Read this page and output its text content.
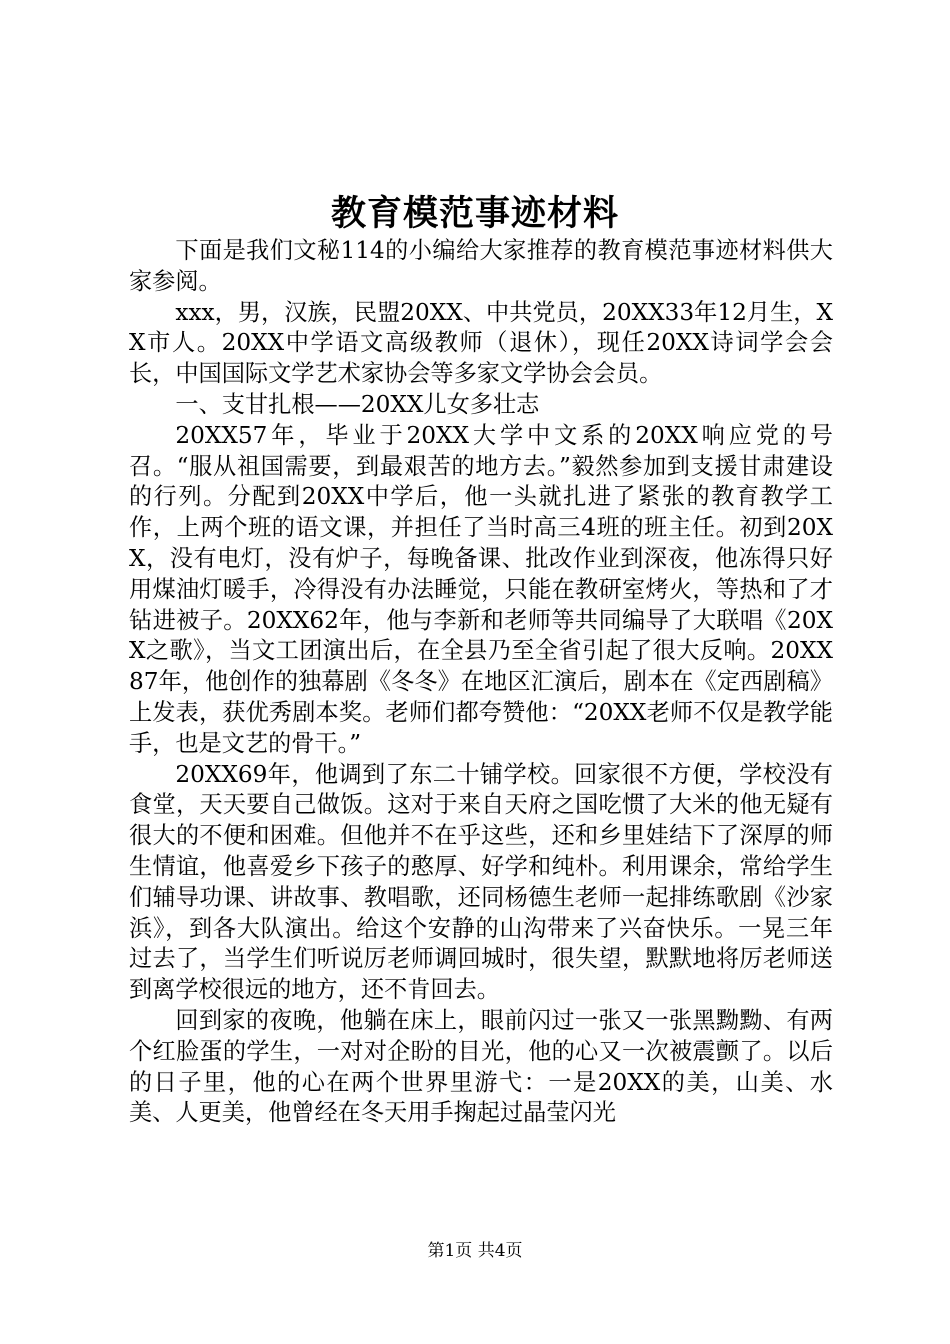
教育模范事迹材料

下面是我们文秘114的小编给大家推荐的教育模范事迹材料供大家参阅。

xxx，男，汉族，民盟20XX、中共党员，20XX33年12月生，XX市人。20XX中学语文高级教师（退休），现任20XX诗词学会会长，中国国际文学艺术家协会等多家文学协会会员。

一、支甘扎根——20XX儿女多壮志

20XX57年，毕业于20XX大学中文系的20XX响应党的号召。“服从祖国需要，到最艰苦的地方去。”毅然参加到支援甘肃建设的行列。分配到20XX中学后，他一头就扎进了紧张的教育教学工作，上两个班的语文课，并担任了当时高三4班的班主任。初到20XX，没有电灯，没有炉子，每晚备课、批改作业到深夜，他冻得只好用煤油灯暖手，冷得没有办法睡觉，只能在教研室烤火，等热和了才钻进被子。20XX62年，他与李新和老师等共同编导了大联唱《20XX之歌》，当文工团演出后，在全县乃至全省引起了很大反响。20XX87年，他创作的独幕剧《冬冬》在地区汇演后，剧本在《定西剧稿》上发表，获优秀剧本奖。老师们都夸赞他：“20XX老师不仅是教学能手，也是文艺的骨干。”

20XX69年，他调到了东二十铺学校。回家很不方便，学校没有食堂，天天要自己做饭。这对于来自天府之国吃惯了大米的他无疑有很大的不便和困难。但他并不在乎这些，还和乡里娃结下了深厚的师生情谊，他喜爱乡下孩子的憨厚、好学和纯朴。利用课余，常给学生们辅导功课、讲故事、教唱歌，还同杨德生老师一起排练歌剧《沙家浜》，到各大队演出。给这个安静的山沟带来了兴奋快乐。一晃三年过去了，当学生们听说厉老师调回城时，很失望，默默地将厉老师送到离学校很远的地方，还不肯回去。

回到家的夜晚，他躺在床上，眼前闪过一张又一张黑黝黝、有两个红脸蛋的学生，一对对企盼的目光，他的心又一次被震颤了。以后的日子里，他的心在两个世界里游弋：一是20XX的美，山美、水美、人更美，他曾经在冬天用手掬起过晶莹闪光

第1页 共4页
